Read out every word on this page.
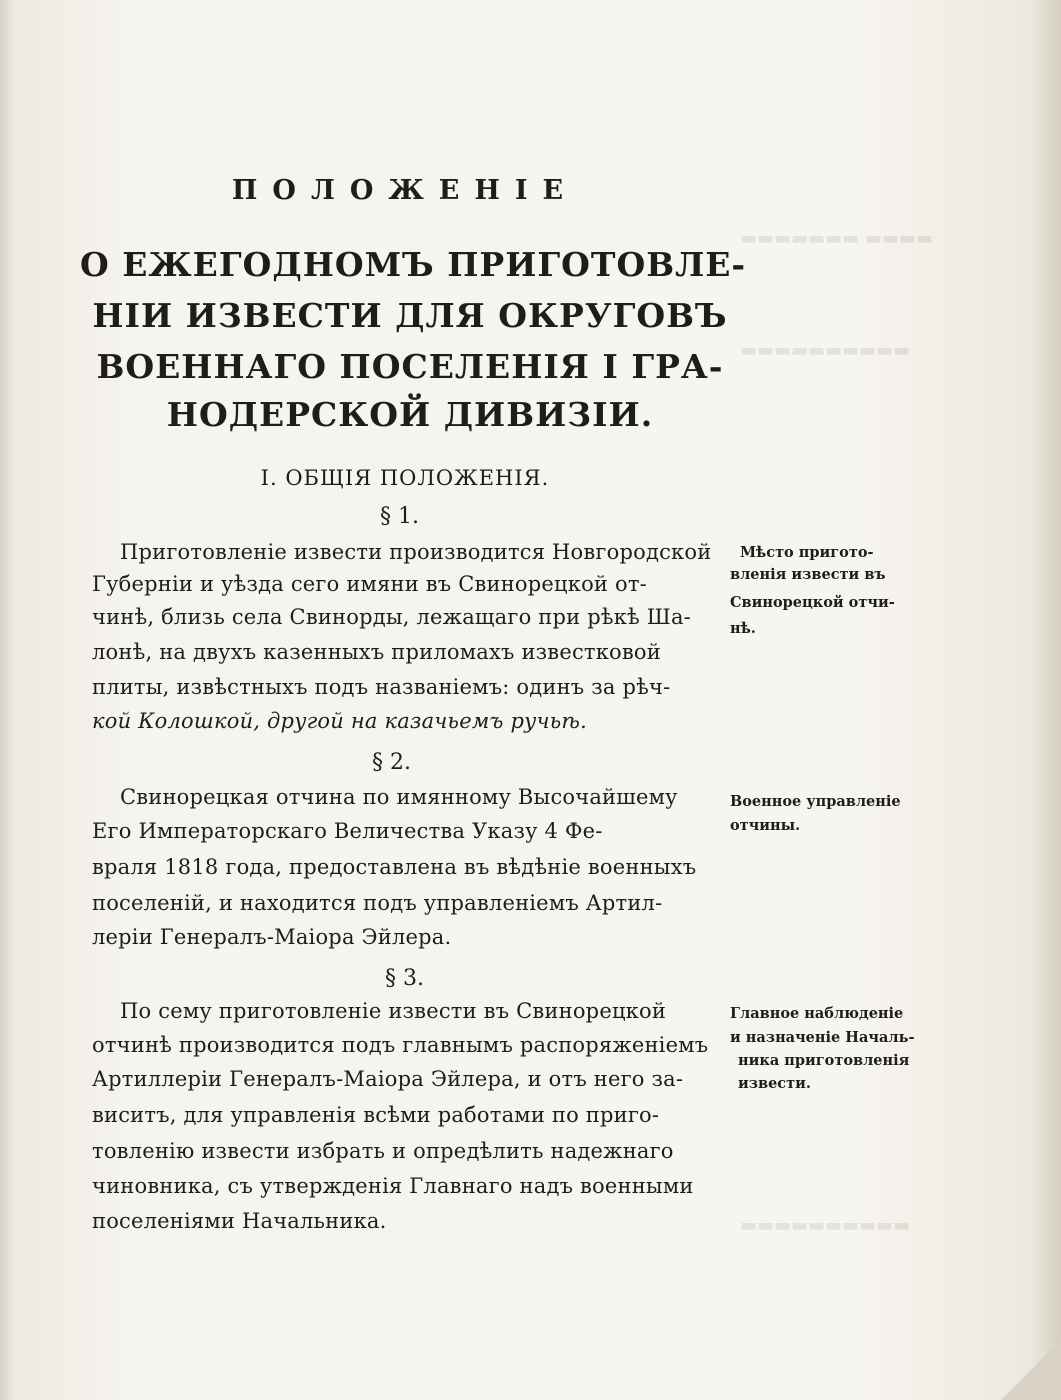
▬▬▬▬▬▬▬ ▬▬▬▬
▬▬▬▬▬▬▬▬▬▬
▬▬▬▬▬▬▬▬▬▬
ПОЛОЖЕНІЕ
О ЕЖЕГОДНОМЪ ПРИГОТОВЛЕ-
НІИ ИЗВЕСТИ ДЛЯ ОКРУГОВЪ
ВОЕННАГО ПОСЕЛЕНІЯ І ГРА-
НОДЕРСКОЙ ДИВИЗІИ.
I. ОБЩІЯ ПОЛОЖЕНІЯ.
§ 1.
Приготовленіе извести производится Новгородской
Губерніи и уѣзда сего имяни въ Свинорецкой от-
чинѣ, близь села Свинорды, лежащаго при рѣкѣ Ша-
лонѣ, на двухъ казенныхъ приломахъ известковой
плиты, извѣстныхъ подъ названіемъ: одинъ за рѣч-
кой Колошкой, другой на казачьемъ ручьѣ.
Мѣсто пригото-
вленія извести въ
Свинорецкой отчи-
нѣ.
§ 2.
Свинорецкая отчина по имянному Высочайшему
Его Императорскаго Величества Указу 4 Фе-
враля 1818 года, предоставлена въ вѣдѣніе военныхъ
поселеній, и находится подъ управленіемъ Артил-
леріи Генералъ-Маіора Эйлера.
Военное управленіе
отчины.
§ 3.
По сему приготовленіе извести въ Свинорецкой
отчинѣ производится подъ главнымъ распоряженіемъ
Артиллеріи Генералъ-Маіора Эйлера, и отъ него за-
виситъ, для управленія всѣми работами по приго-
товленію извести избрать и опредѣлить надежнаго
чиновника, съ утвержденія Главнаго надъ военными
поселеніями Начальника.
Главное наблюденіе
и назначеніе Началь-
ника приготовленія
извести.
